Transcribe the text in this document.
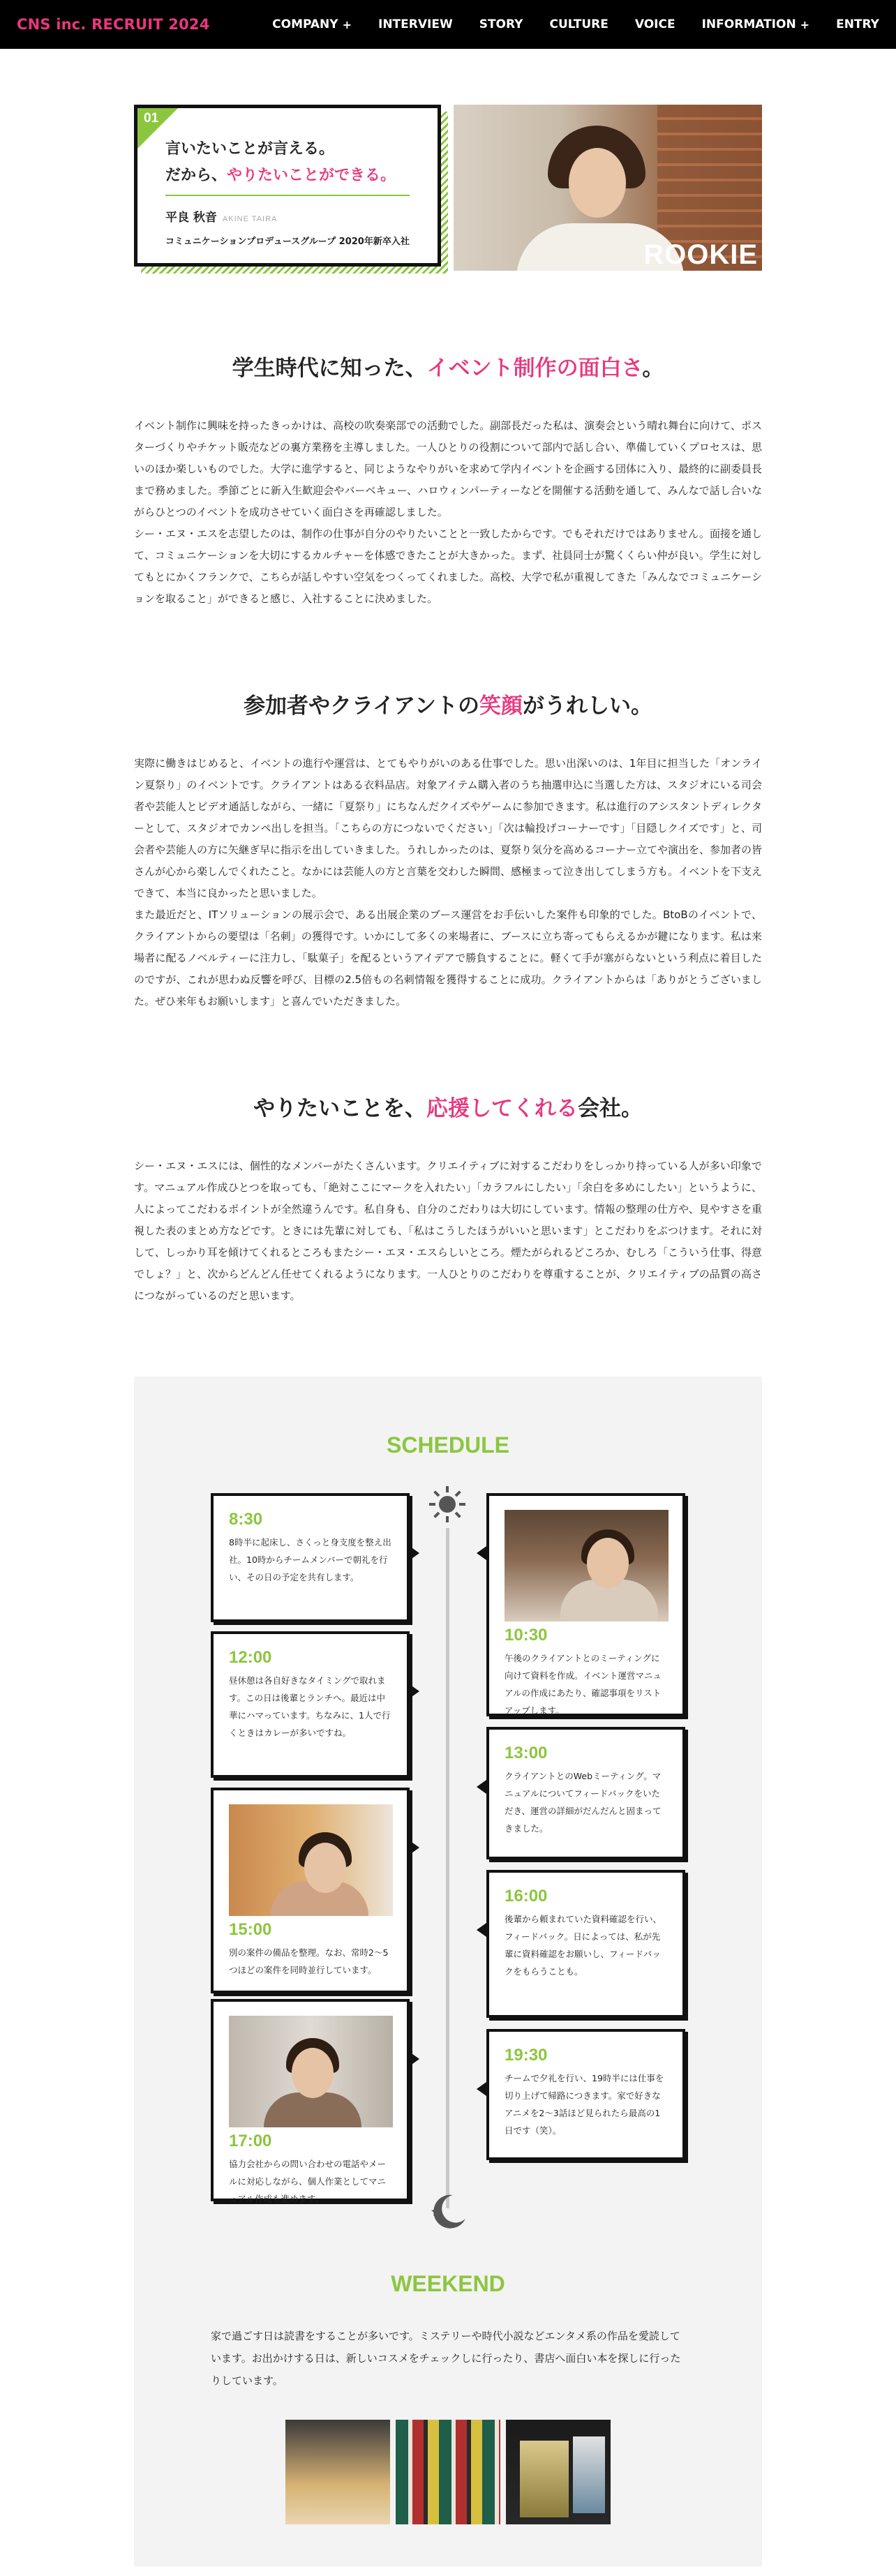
CNS inc. RECRUIT 2024	COMPANY + INTERVIEW STORY CULTURE VOICE INFORMATION + ENTRY
01
言いたいことが言える。
だから、やりたいことができる。
平良 秋音 AKINE TAIRA
コミュニケーションプロデュースグループ 2020年新卒入社	ROOKIE
学生時代に知った、イベント制作の面白さ。

イベント制作に興味を持ったきっかけは、高校の吹奏楽部での活動でした。副部長だった私は、演奏会という晴れ舞台に向けて、ポスターづくりやチケット販売などの裏方業務を主導しました。一人ひとりの役割について部内で話し合い、準備していくプロセスは、思いのほか楽しいものでした。大学に進学すると、同じようなやりがいを求めて学内イベントを企画する団体に入り、最終的に副委員長まで務めました。季節ごとに新入生歓迎会やバーベキュー、ハロウィンパーティーなどを開催する活動を通して、みんなで話し合いながらひとつのイベントを成功させていく面白さを再確認しました。
シー・エヌ・エスを志望したのは、制作の仕事が自分のやりたいことと一致したからです。でもそれだけではありません。面接を通して、コミュニケーションを大切にするカルチャーを体感できたことが大きかった。まず、社員同士が驚くくらい仲が良い。学生に対してもとにかくフランクで、こちらが話しやすい空気をつくってくれました。高校、大学で私が重視してきた「みんなでコミュニケーションを取ること」ができると感じ、入社することに決めました。

参加者やクライアントの笑顔がうれしい。

実際に働きはじめると、イベントの進行や運営は、とてもやりがいのある仕事でした。思い出深いのは、1年目に担当した「オンライン夏祭り」のイベントです。クライアントはある衣料品店。対象アイテム購入者のうち抽選申込に当選した方は、スタジオにいる司会者や芸能人とビデオ通話しながら、一緒に「夏祭り」にちなんだクイズやゲームに参加できます。私は進行のアシスタントディレクターとして、スタジオでカンペ出しを担当。「こちらの方につないでください」「次は輪投げコーナーです」「目隠しクイズです」と、司会者や芸能人の方に矢継ぎ早に指示を出していきました。うれしかったのは、夏祭り気分を高めるコーナー立てや演出を、参加者の皆さんが心から楽しんでくれたこと。なかには芸能人の方と言葉を交わした瞬間、感極まって泣き出してしまう方も。イベントを下支えできて、本当に良かったと思いました。
また最近だと、ITソリューションの展示会で、ある出展企業のブース運営をお手伝いした案件も印象的でした。BtoBのイベントで、クライアントからの要望は「名刺」の獲得です。いかにして多くの来場者に、ブースに立ち寄ってもらえるかが鍵になります。私は来場者に配るノベルティーに注力し、「駄菓子」を配るというアイデアで勝負することに。軽くて手が塞がらないという利点に着目したのですが、これが思わぬ反響を呼び、目標の2.5倍もの名刺情報を獲得することに成功。クライアントからは「ありがとうございました。ぜひ来年もお願いします」と喜んでいただきました。

やりたいことを、応援してくれる会社。

シー・エヌ・エスには、個性的なメンバーがたくさんいます。クリエイティブに対するこだわりをしっかり持っている人が多い印象です。マニュアル作成ひとつを取っても、「絶対ここにマークを入れたい」「カラフルにしたい」「余白を多めにしたい」というように、人によってこだわるポイントが全然違うんです。私自身も、自分のこだわりは大切にしています。情報の整理の仕方や、見やすさを重視した表のまとめ方などです。ときには先輩に対しても、「私はこうしたほうがいいと思います」とこだわりをぶつけます。それに対して、しっかり耳を傾けてくれるところもまたシー・エヌ・エスらしいところ。煙たがられるどころか、むしろ「こういう仕事、得意でしょ？」と、次からどんどん任せてくれるようになります。一人ひとりのこだわりを尊重することが、クリエイティブの品質の高さにつながっているのだと思います。

SCHEDULE
8:30
8時半に起床し、さくっと身支度を整え出社。10時からチームメンバーで朝礼を行い、その日の予定を共有します。
12:00
昼休憩は各自好きなタイミングで取れます。この日は後輩とランチへ。最近は中華にハマっています。ちなみに、1人で行くときはカレーが多いですね。
15:00
別の案件の備品を整理。なお、常時2〜5つほどの案件を同時並行しています。
17:00
協力会社からの問い合わせの電話やメールに対応しながら、個人作業としてマニュアル作成も進めます。
10:30
午後のクライアントとのミーティングに向けて資料を作成。イベント運営マニュアルの作成にあたり、確認事項をリストアップします。
13:00
クライアントとのWebミーティング。マニュアルについてフィードバックをいただき、運営の詳細がだんだんと固まってきました。
16:00
後輩から頼まれていた資料確認を行い、フィードバック。日によっては、私が先輩に資料確認をお願いし、フィードバックをもらうことも。
19:30
チームで夕礼を行い、19時半には仕事を切り上げて帰路につきます。家で好きなアニメを2〜3話ほど見られたら最高の1日です（笑）。
WEEKEND

家で過ごす日は読書をすることが多いです。ミステリーや時代小説などエンタメ系の作品を愛読しています。お出かけする日は、新しいコスメをチェックしに行ったり、書店へ面白い本を探しに行ったりしています。
